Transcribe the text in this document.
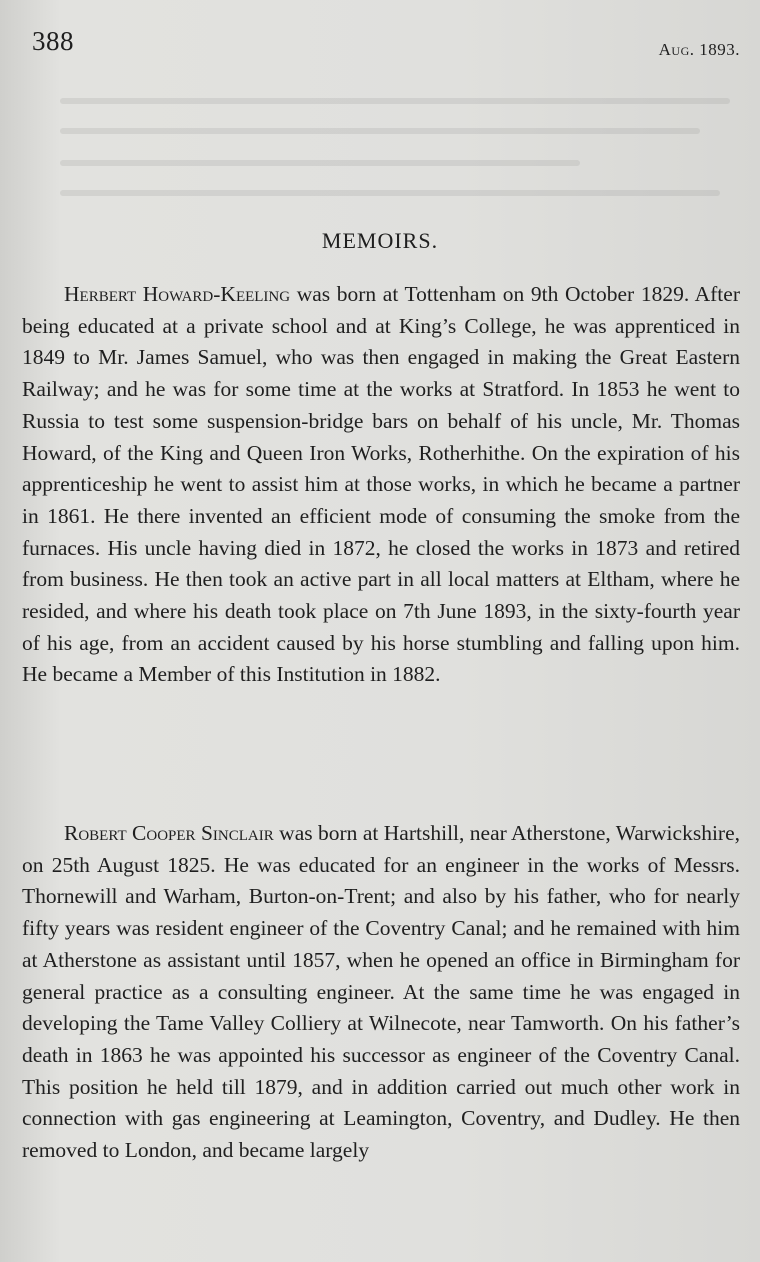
388	Aug. 1893.
MEMOIRS.

Herbert Howard-Keeling was born at Tottenham on 9th October 1829. After being educated at a private school and at King’s College, he was apprenticed in 1849 to Mr. James Samuel, who was then engaged in making the Great Eastern Railway; and he was for some time at the works at Stratford. In 1853 he went to Russia to test some suspension-bridge bars on behalf of his uncle, Mr. Thomas Howard, of the King and Queen Iron Works, Rotherhithe. On the expiration of his apprenticeship he went to assist him at those works, in which he became a partner in 1861. He there invented an efficient mode of consuming the smoke from the furnaces. His uncle having died in 1872, he closed the works in 1873 and retired from business. He then took an active part in all local matters at Eltham, where he resided, and where his death took place on 7th June 1893, in the sixty-fourth year of his age, from an accident caused by his horse stumbling and falling upon him. He became a Member of this Institution in 1882.

Robert Cooper Sinclair was born at Hartshill, near Atherstone, Warwickshire, on 25th August 1825. He was educated for an engineer in the works of Messrs. Thornewill and Warham, Burton-on-Trent; and also by his father, who for nearly fifty years was resident engineer of the Coventry Canal; and he remained with him at Atherstone as assistant until 1857, when he opened an office in Birmingham for general practice as a consulting engineer. At the same time he was engaged in developing the Tame Valley Colliery at Wilnecote, near Tamworth. On his father’s death in 1863 he was appointed his successor as engineer of the Coventry Canal. This position he held till 1879, and in addition carried out much other work in connection with gas engineering at Leamington, Coventry, and Dudley. He then removed to London, and became largely
